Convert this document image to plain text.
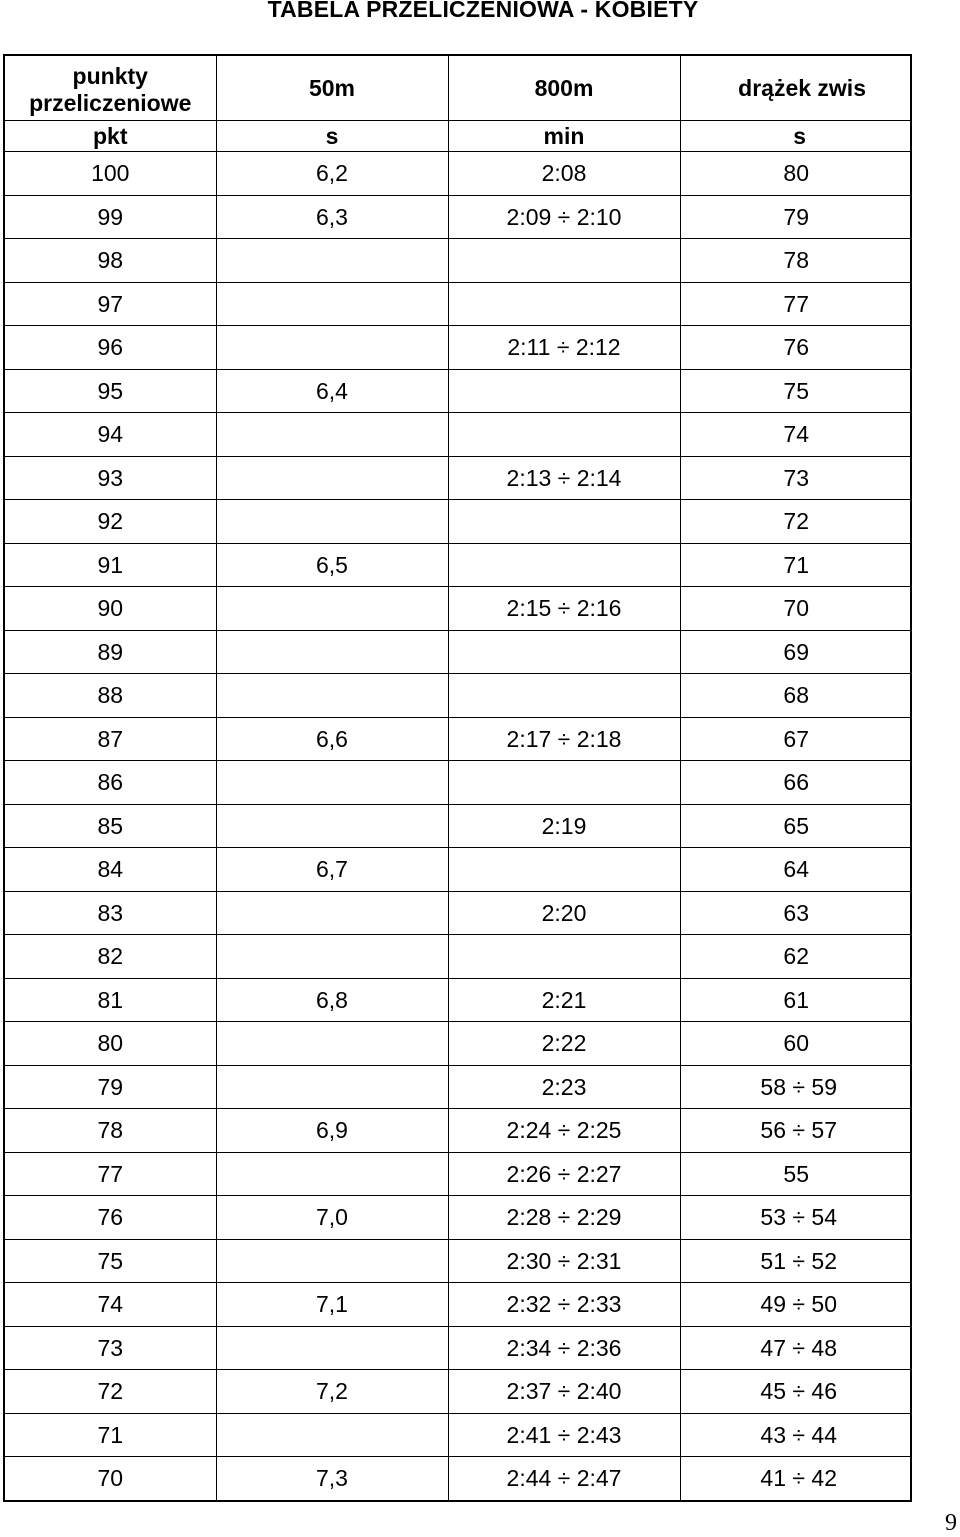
TABELA PRZELICZENIOWA - KOBIETY
punkty
przeliczeniowe	50m	800m	drążek zwis
pkt	s	min	s
100	6,2	2:08	80
99	6,3	2:09 ÷ 2:10	79
98			78
97			77
96		2:11 ÷ 2:12	76
95	6,4		75
94			74
93		2:13 ÷ 2:14	73
92			72
91	6,5		71
90		2:15 ÷ 2:16	70
89			69
88			68
87	6,6	2:17 ÷ 2:18	67
86			66
85		2:19	65
84	6,7		64
83		2:20	63
82			62
81	6,8	2:21	61
80		2:22	60
79		2:23	58 ÷ 59
78	6,9	2:24 ÷ 2:25	56 ÷ 57
77		2:26 ÷ 2:27	55
76	7,0	2:28 ÷ 2:29	53 ÷ 54
75		2:30 ÷ 2:31	51 ÷ 52
74	7,1	2:32 ÷ 2:33	49 ÷ 50
73		2:34 ÷ 2:36	47 ÷ 48
72	7,2	2:37 ÷ 2:40	45 ÷ 46
71		2:41 ÷ 2:43	43 ÷ 44
70	7,3	2:44 ÷ 2:47	41 ÷ 42
9
